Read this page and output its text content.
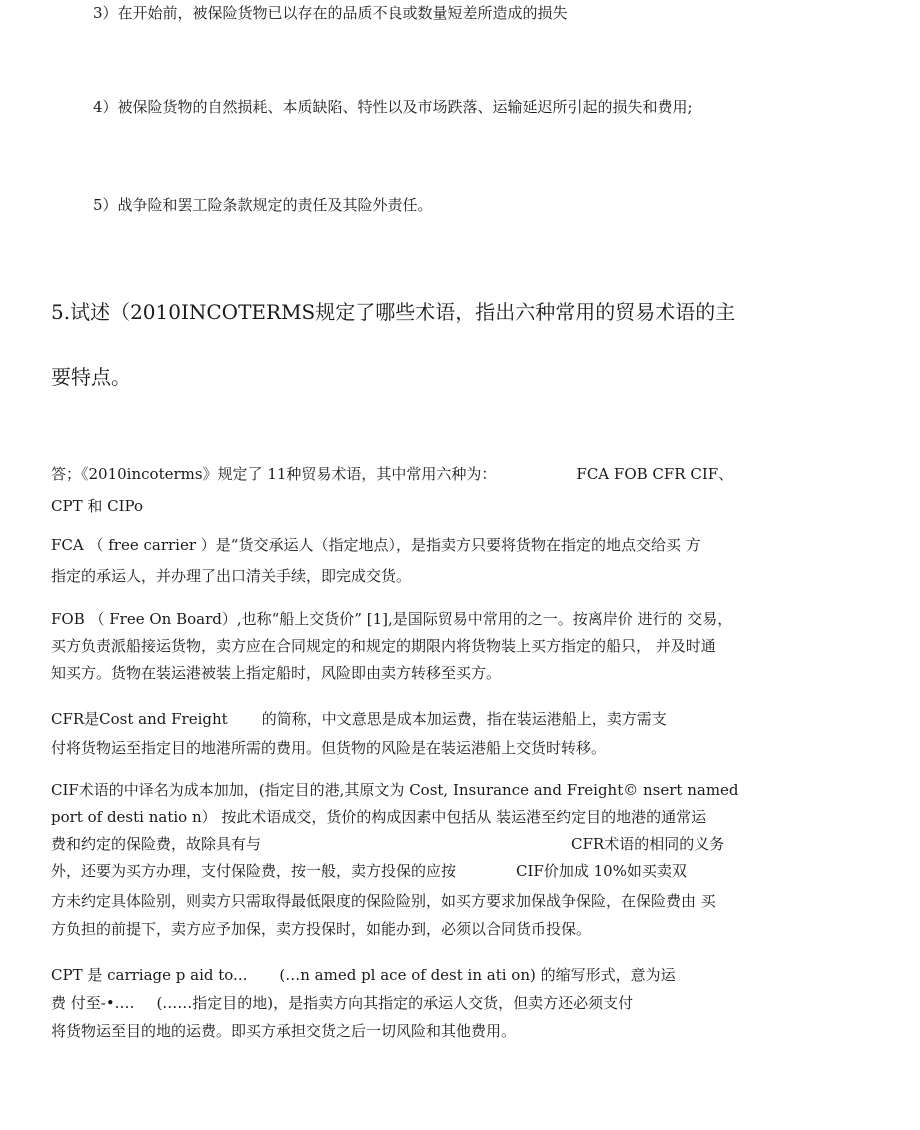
3）在开始前，被保险货物已以存在的品质不良或数量短差所造成的损失
4）被保险货物的自然损耗、本质缺陷、特性以及市场跌落、运输延迟所引起的损失和费用;
5）战争险和罢工险条款规定的责任及其险外责任。
5.试述（2010INCOTERMS规定了哪些术语，指出六种常用的贸易术语的主
要特点。
答；《2010incoterms》规定了 11种贸易术语，其中常用六种为：	FCA FOB CFR CIF、
CPT 和 CIPo
FCA （ free carrier ）是“货交承运人（指定地点），是指卖方只要将货物在指定的地点交给买 方
指定的承运人，并办理了出口清关手续，即完成交货。
FOB （ Free On Board）,也称“船上交货价” [1],是国际贸易中常用的之一。按离岸价 进行的 交易，
买方负责派船接运货物，卖方应在合同规定的和规定的期限内将货物装上买方指定的船只， 并及时通
知买方。货物在装运港被装上指定船时，风险即由卖方转移至买方。
CFR是Cost and Freight 的简称，中文意思是成本加运费，指在装运港船上，卖方需支
付将货物运至指定目的地港所需的费用。但货物的风险是在装运港船上交货时转移。
CIF术语的中译名为成本加加，(指定目的港,其原文为 Cost, Insurance and Freight© nsert named
port of desti natio n） 按此术语成交，货价的构成因素中包括从 装运港至约定目的地港的通常运
费和约定的保险费，故除具有与	CFR术语的相同的义务
外，还要为买方办理，支付保险费，按一般，卖方投保的应按	CIF价加成 10%如买卖双
方未约定具体险别，则卖方只需取得最低限度的保险险别，如买方要求加保战争保险，在保险费由 买
方负担的前提下，卖方应予加保，卖方投保时，如能办到，必须以合同货币投保。
CPT 是 carriage p aid to... (…n amed pl ace of dest in ati on) 的缩写形式，意为运
费 付至-•.… (……指定目的地)，是指卖方向其指定的承运人交货，但卖方还必须支付
将货物运至目的地的运费。即买方承担交货之后一切风险和其他费用。
